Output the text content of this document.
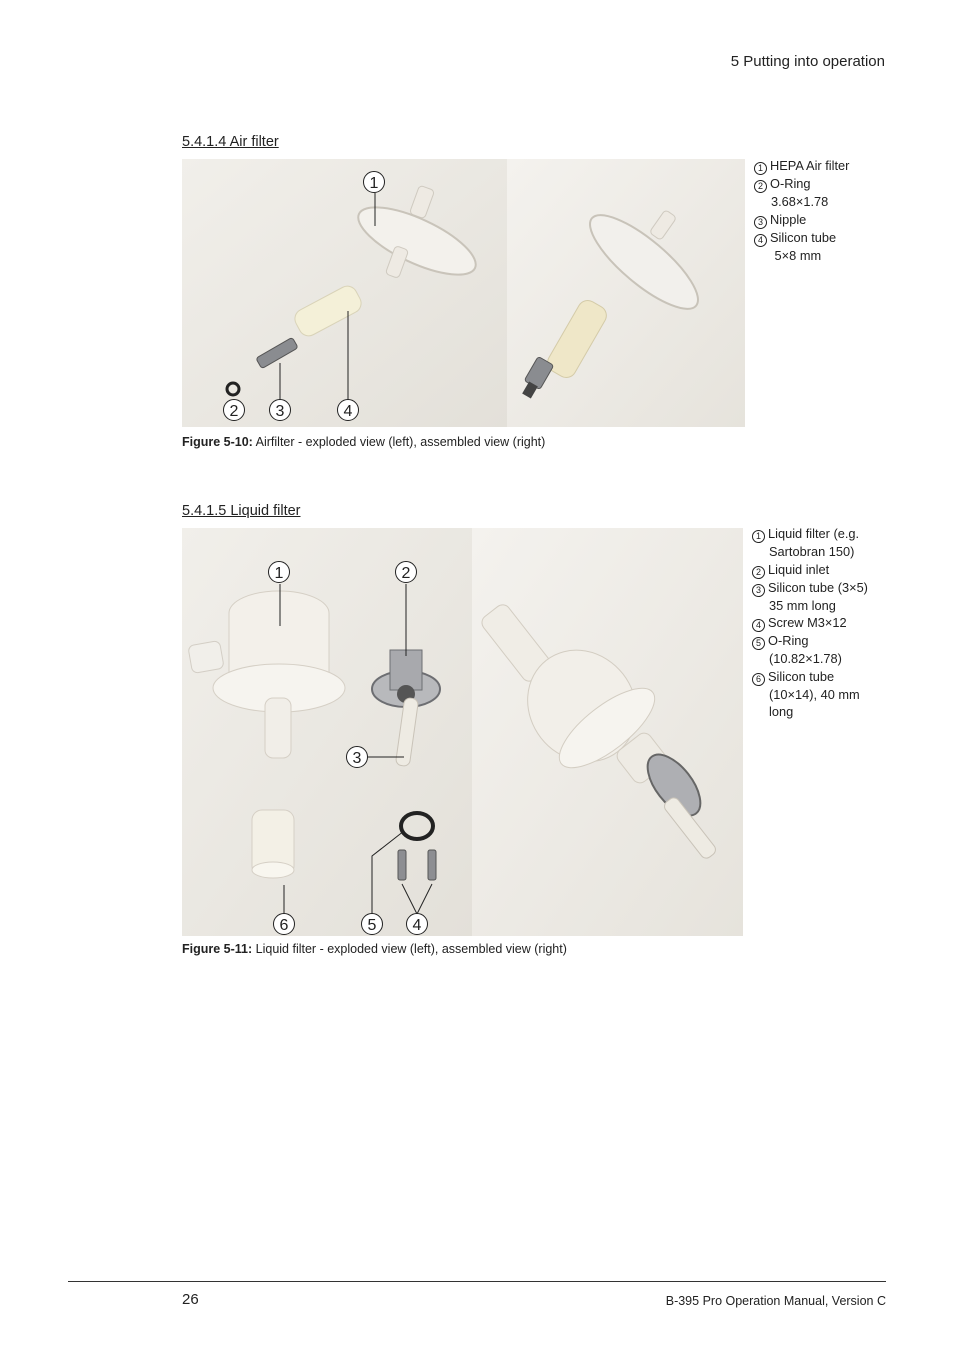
5 Putting into operation
5.4.1.4 Air filter
1
2 3	4
1 HEPA Air filter
2 O-Ring
3.68×1.78
3 Nipple
4 Silicon tube
5×8 mm
Figure 5-10: Airfilter - exploded view (left), assembled view (right)
5.4.1.5 Liquid filter
1	2
3
4
5
6
1 Liquid filter (e.g.
Sartobran 150)
2 Liquid inlet
3 Silicon tube (3×5)
35 mm long
4 Screw M3×12
5 O-Ring
(10.82×1.78)
6 Silicon tube
(10×14), 40 mm
long
Figure 5-11: Liquid filter - exploded view (left), assembled view (right)
26	B-395 Pro Operation Manual, Version C
